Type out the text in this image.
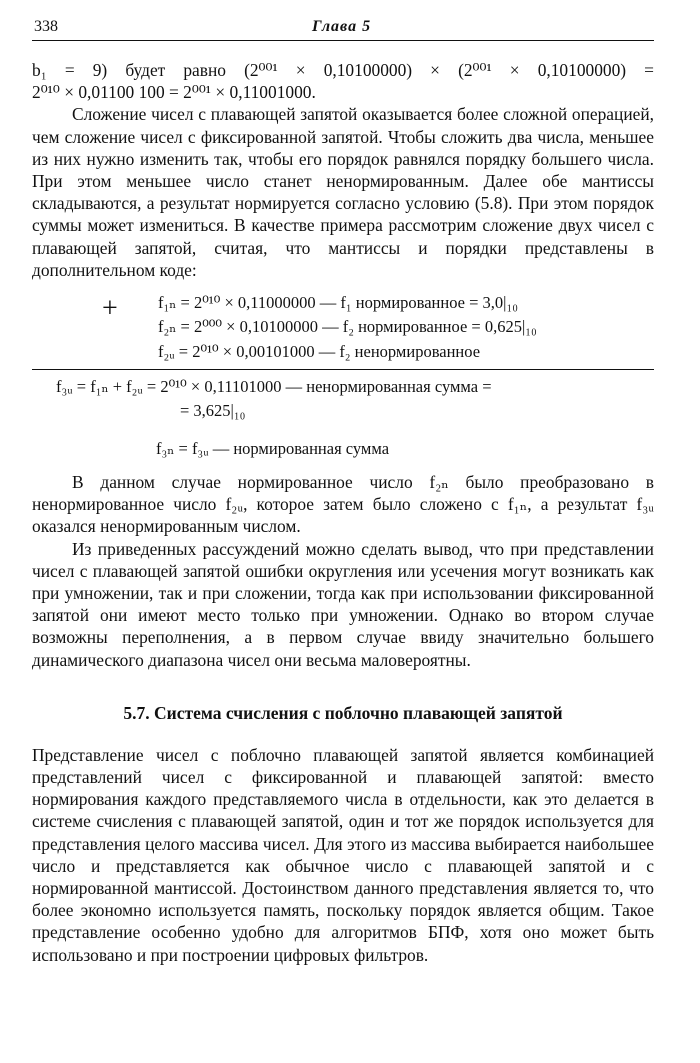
338	Глава 5

b₁ = 9) будет равно (2⁰⁰¹ × 0,10100000) × (2⁰⁰¹ × 0,10100000) =

2⁰¹⁰ × 0,01100 100 = 2⁰⁰¹ × 0,11001000.

Сложение чисел с плавающей запятой оказывается более сложной операцией, чем сложение чисел с фиксированной запятой. Чтобы сложить два числа, меньшее из них нужно изменить так, чтобы его порядок равнялся порядку большего числа. При этом меньшее число станет ненормированным. Далее обе мантиссы складываются, а результат нормируется согласно условию (5.8). При этом порядок суммы может измениться. В качестве примера рассмотрим сложение двух чисел с плавающей запятой, считая, что мантиссы и порядки представлены в дополнительном коде:

+ f₁ₙ = 2⁰¹⁰ × 0,11000000 — f₁ нормированное = 3,0|₁₀
f₂ₙ = 2⁰⁰⁰ × 0,10100000 — f₂ нормированное = 0,625|₁₀
f₂ᵤ = 2⁰¹⁰ × 0,00101000 — f₂ ненормированное
f₃ᵤ = f₁ₙ + f₂ᵤ = 2⁰¹⁰ × 0,11101000 — ненормированная сумма =
= 3,625|₁₀
f₃ₙ = f₃ᵤ — нормированная сумма

В данном случае нормированное число f₂ₙ было преобразовано в ненормированное число f₂ᵤ, которое затем было сложено с f₁ₙ, а результат f₃ᵤ оказался ненормированным числом.

Из приведенных рассуждений можно сделать вывод, что при представлении чисел с плавающей запятой ошибки округления или усечения могут возникать как при умножении, так и при сложении, тогда как при использовании фиксированной запятой они имеют место только при умножении. Однако во втором случае возможны переполнения, а в первом случае ввиду значительно большего динамического диапазона чисел они весьма маловероятны.

5.7. Система счисления с поблочно плавающей запятой

Представление чисел с поблочно плавающей запятой является комбинацией представлений чисел с фиксированной и плавающей запятой: вместо нормирования каждого представляемого числа в отдельности, как это делается в системе счисления с плавающей запятой, один и тот же порядок используется для представления целого массива чисел. Для этого из массива выбирается наибольшее число и представляется как обычное число с плавающей запятой и с нормированной мантиссой. Достоинством данного представления является то, что более экономно используется память, поскольку порядок является общим. Такое представление особенно удобно для алгоритмов БПФ, хотя оно может быть использовано и при построении цифровых фильтров.
